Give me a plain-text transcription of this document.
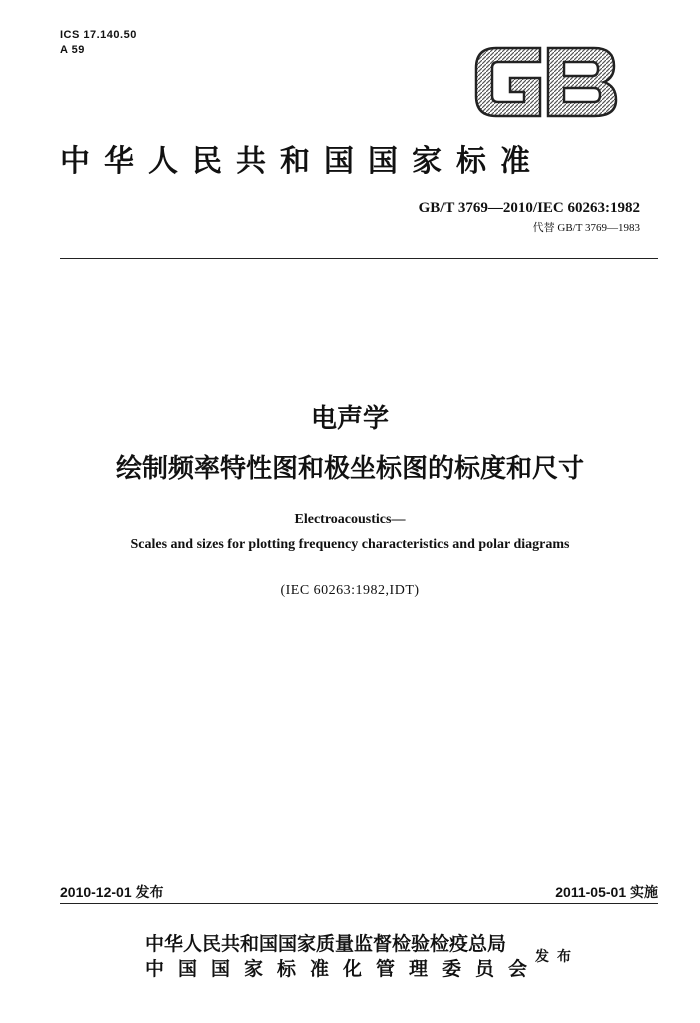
ICS 17.140.50
A 59
中华人民共和国国家标准
GB/T 3769—2010/IEC 60263:1982
代替 GB/T 3769—1983
电声学
绘制频率特性图和极坐标图的标度和尺寸
Electroacoustics—
Scales and sizes for plotting frequency characteristics and polar diagrams
(IEC 60263:1982,IDT)
2010-12-01 发布	2011-05-01 实施
中华人民共和国国家质量监督检验检疫总局
中国国家标准化管理委员会
发布
